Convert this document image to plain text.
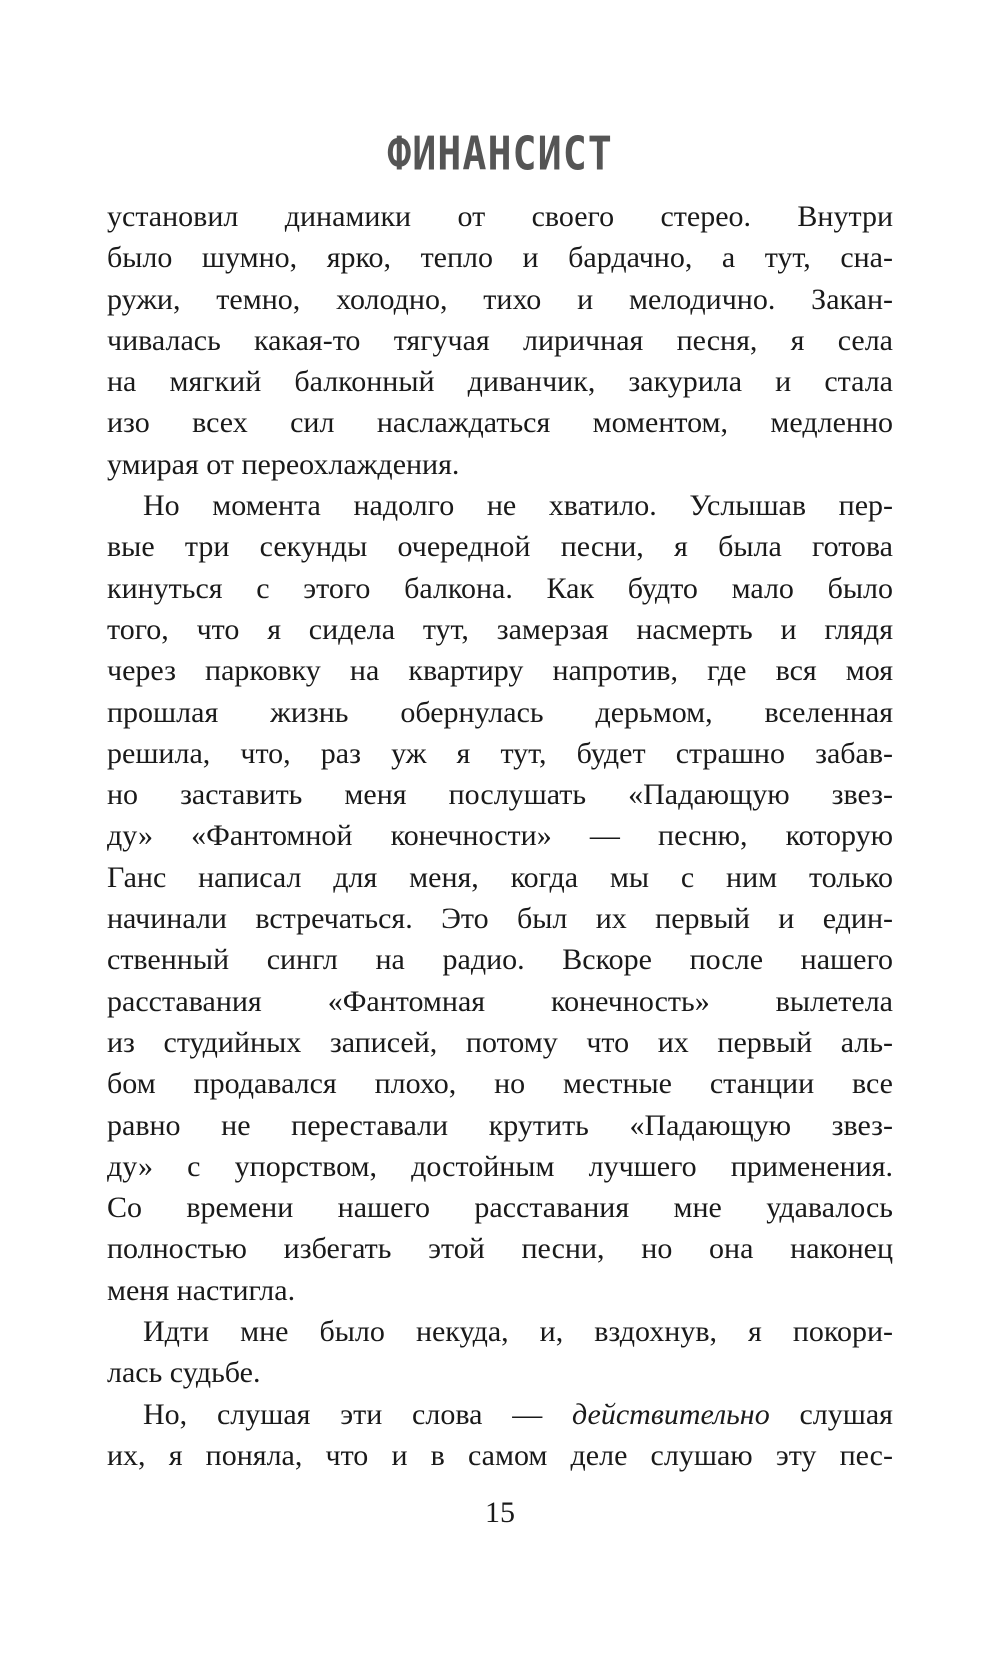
ФИНАНСИСТ
установил динамики от своего стерео. Внутри
было шумно, ярко, тепло и бардачно, а тут, сна-
ружи, темно, холодно, тихо и мелодично. Закан-
чивалась какая-то тягучая лиричная песня, я села
на мягкий балконный диванчик, закурила и стала
изо всех сил наслаждаться моментом, медленно
умирая от переохлаждения.
Но момента надолго не хватило. Услышав пер-
вые три секунды очередной песни, я была готова
кинуться с этого балкона. Как будто мало было
того, что я сидела тут, замерзая насмерть и глядя
через парковку на квартиру напротив, где вся моя
прошлая жизнь обернулась дерьмом, вселенная
решила, что, раз уж я тут, будет страшно забав-
но заставить меня послушать «Падающую звез-
ду» «Фантомной конечности» — песню, которую
Ганс написал для меня, когда мы с ним только
начинали встречаться. Это был их первый и един-
ственный сингл на радио. Вскоре после нашего
расставания «Фантомная конечность» вылетела
из студийных записей, потому что их первый аль-
бом продавался плохо, но местные станции все
равно не переставали крутить «Падающую звез-
ду» с упорством, достойным лучшего применения.
Со времени нашего расставания мне удавалось
полностью избегать этой песни, но она наконец
меня настигла.
Идти мне было некуда, и, вздохнув, я покори-
лась судьбе.
Но, слушая эти слова — действительно слушая
их, я поняла, что и в самом деле слушаю эту пес-
15
